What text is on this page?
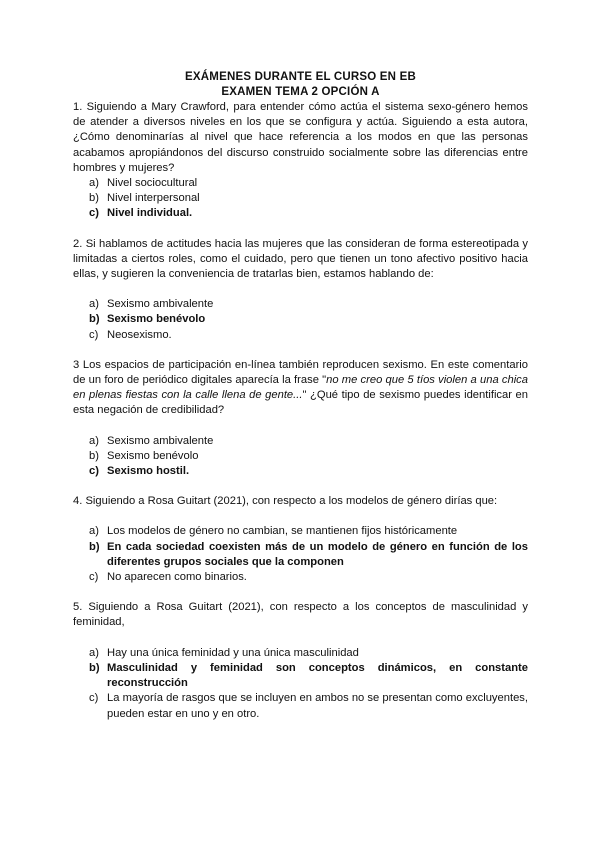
EXÁMENES DURANTE EL CURSO EN EB
EXAMEN TEMA 2 OPCIÓN A

1. Siguiendo a Mary Crawford, para entender cómo actúa el sistema sexo-género hemos de atender a diversos niveles en los que se configura y actúa. Siguiendo a esta autora, ¿Cómo denominarías al nivel que hace referencia a los modos en que las personas acabamos apropiándonos del discurso construido socialmente sobre las diferencias entre hombres y mujeres?

a) Nivel sociocultural
b) Nivel interpersonal
c) Nivel individual.

2. Si hablamos de actitudes hacia las mujeres que las consideran de forma estereotipada y limitadas a ciertos roles, como el cuidado, pero que tienen un tono afectivo positivo hacia ellas, y sugieren la conveniencia de tratarlas bien, estamos hablando de:

a) Sexismo ambivalente
b) Sexismo benévolo
c) Neosexismo.

3 Los espacios de participación en-línea también reproducen sexismo. En este comentario de un foro de periódico digitales aparecía la frase "no me creo que 5 tíos violen a una chica en plenas fiestas con la calle llena de gente..." ¿Qué tipo de sexismo puedes identificar en esta negación de credibilidad?

a) Sexismo ambivalente
b) Sexismo benévolo
c) Sexismo hostil.

4. Siguiendo a Rosa Guitart (2021), con respecto a los modelos de género dirías que:

a) Los modelos de género no cambian, se mantienen fijos históricamente
b) En cada sociedad coexisten más de un modelo de género en función de los diferentes grupos sociales que la componen
c) No aparecen como binarios.

5. Siguiendo a Rosa Guitart (2021), con respecto a los conceptos de masculinidad y feminidad,

a) Hay una única feminidad y una única masculinidad
b) Masculinidad y feminidad son conceptos dinámicos, en constante reconstrucción
c) La mayoría de rasgos que se incluyen en ambos no se presentan como excluyentes, pueden estar en uno y en otro.
